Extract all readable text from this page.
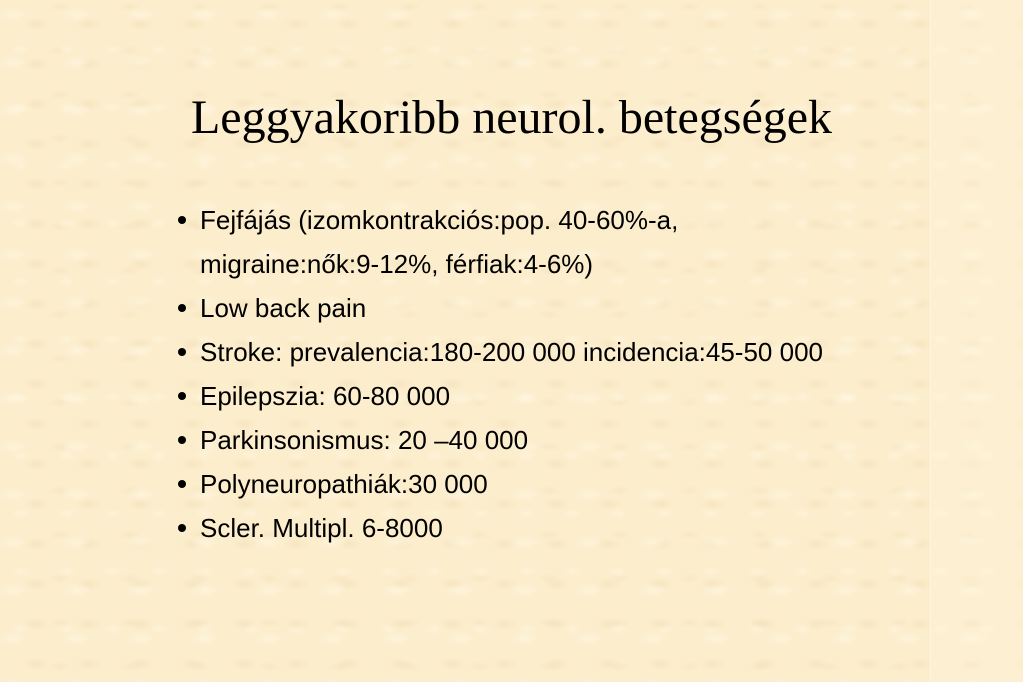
Leggyakoribb neurol. betegségek
Fejfájás (izomkontrakciós:pop. 40-60%-a,
migraine:nők:9-12%, férfiak:4-6%)
Low back pain
Stroke: prevalencia:180-200 000 incidencia:45-50 000
Epilepszia: 60-80 000
Parkinsonismus: 20 –40 000
Polyneuropathiák:30 000
Scler. Multipl. 6-8000
